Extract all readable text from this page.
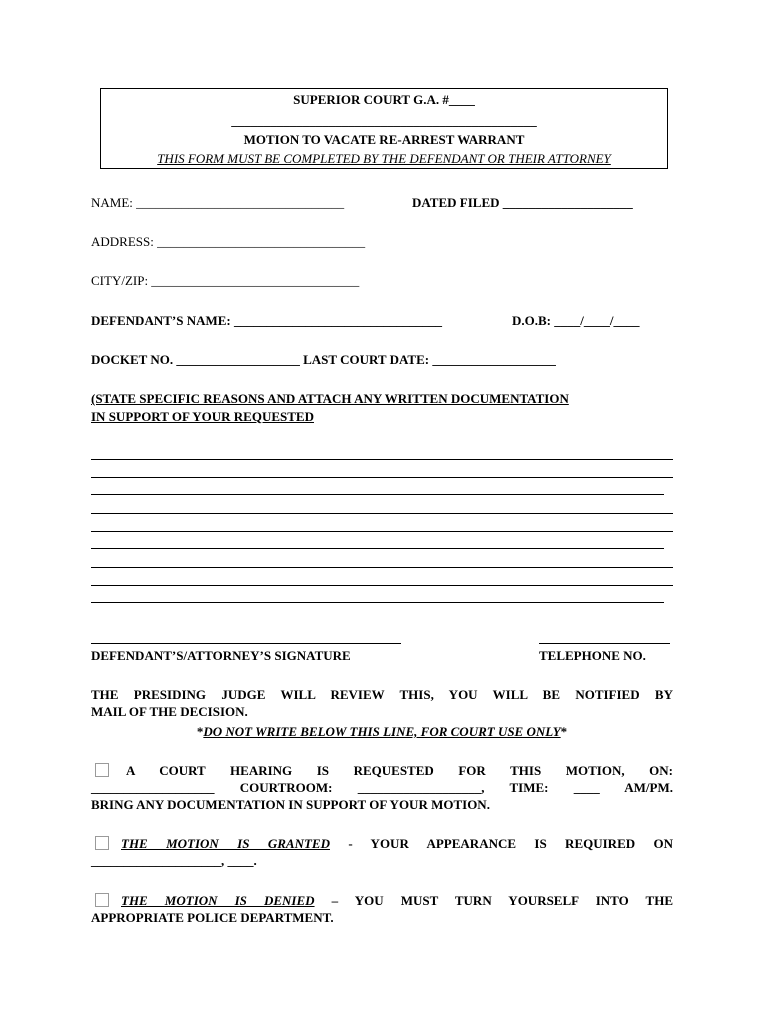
SUPERIOR COURT G.A. #____
_______________________________________________
MOTION TO VACATE RE-ARREST WARRANT
THIS FORM MUST BE COMPLETED BY THE DEFENDANT OR THEIR ATTORNEY
NAME: ________________________________	DATED FILED ____________________
ADDRESS: ________________________________
CITY/ZIP: ________________________________
DEFENDANT’S NAME: ________________________________	D.O.B: ____/____/____
DOCKET NO. ___________________ LAST COURT DATE: ___________________
(STATE SPECIFIC REASONS AND ATTACH ANY WRITTEN DOCUMENTATION
IN SUPPORT OF YOUR REQUESTED
DEFENDANT’S/ATTORNEY’S SIGNATURE	TELEPHONE NO.
THE PRESIDING JUDGE WILL REVIEW THIS, YOU WILL BE NOTIFIED BY
MAIL OF THE DECISION.
*DO NOT WRITE BELOW THIS LINE, FOR COURT USE ONLY*
A COURT HEARING IS REQUESTED FOR THIS MOTION, ON:
___________________ COURTROOM: ___________________, TIME: ____ AM/PM.
BRING ANY DOCUMENTATION IN SUPPORT OF YOUR MOTION.
THE MOTION IS GRANTED - YOUR APPEARANCE IS REQUIRED ON
____________________, ____.
THE MOTION IS DENIED – YOU MUST TURN YOURSELF INTO THE
APPROPRIATE POLICE DEPARTMENT.
